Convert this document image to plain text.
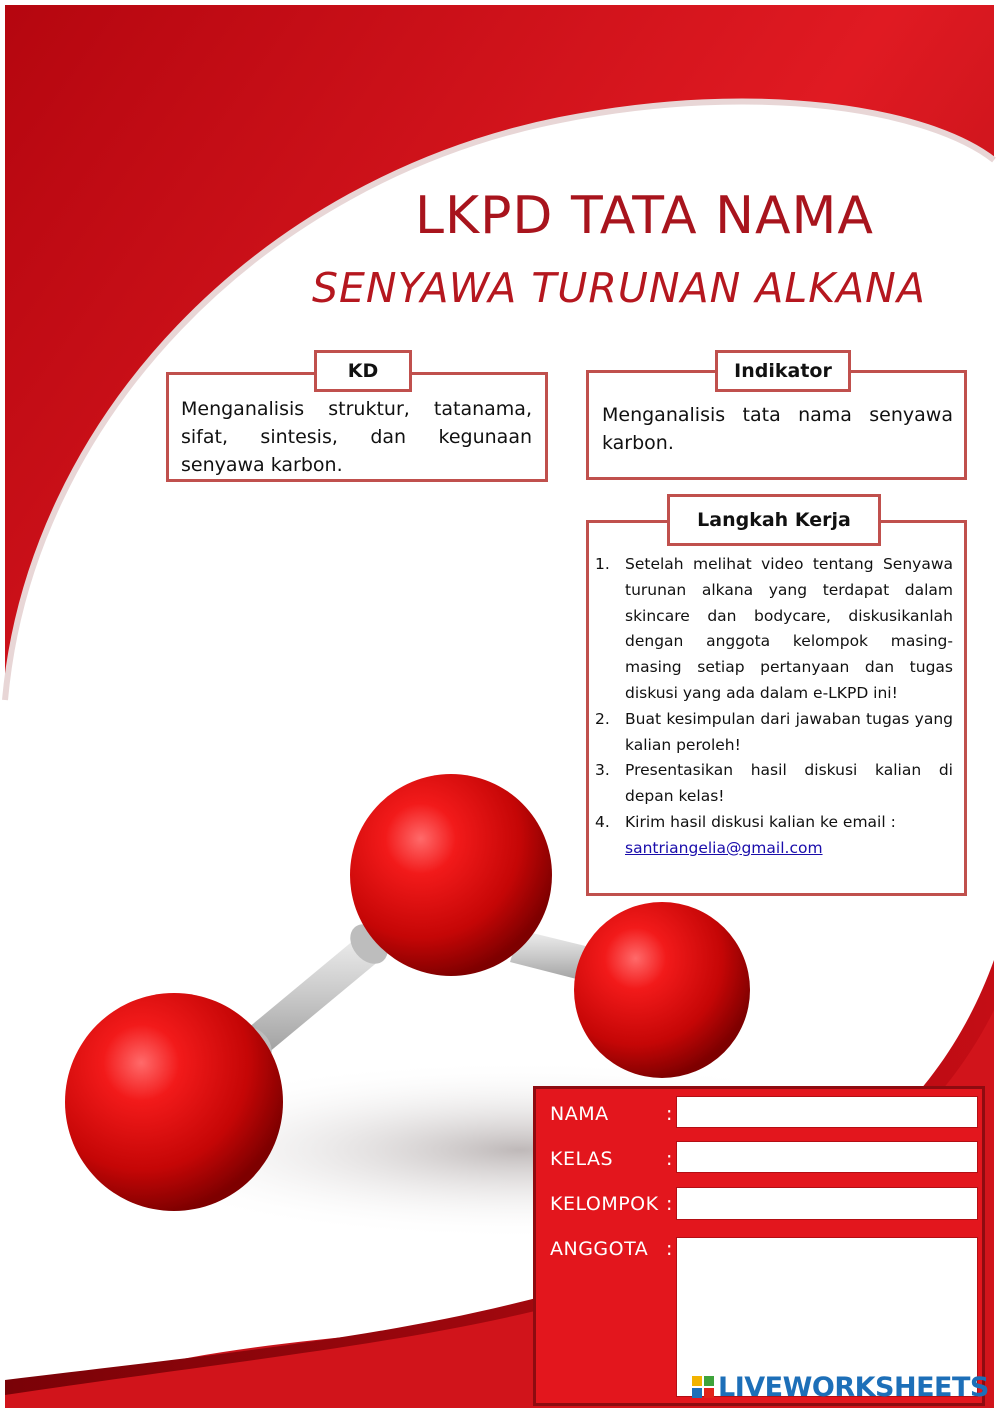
LKPD TATA NAMA
SENYAWA TURUNAN ALKANA
KD
Menganalisis struktur, tatanama, sifat, sintesis, dan kegunaan senyawa karbon.
Indikator
Menganalisis tata nama senyawa karbon.
Langkah Kerja
1. Setelah melihat video tentang Senyawa turunan alkana yang terdapat dalam skincare dan bodycare, diskusikanlah dengan anggota kelompok masing-masing setiap pertanyaan dan tugas diskusi yang ada dalam e-LKPD ini!
2. Buat kesimpulan dari jawaban tugas yang kalian peroleh!
3. Presentasikan hasil diskusi kalian di depan kelas!
4. Kirim hasil diskusi kalian ke email :
santriangelia@gmail.com
NAMA	:
KELAS	:
KELOMPOK :
ANGGOTA :
LIVEWORKSHEETS
